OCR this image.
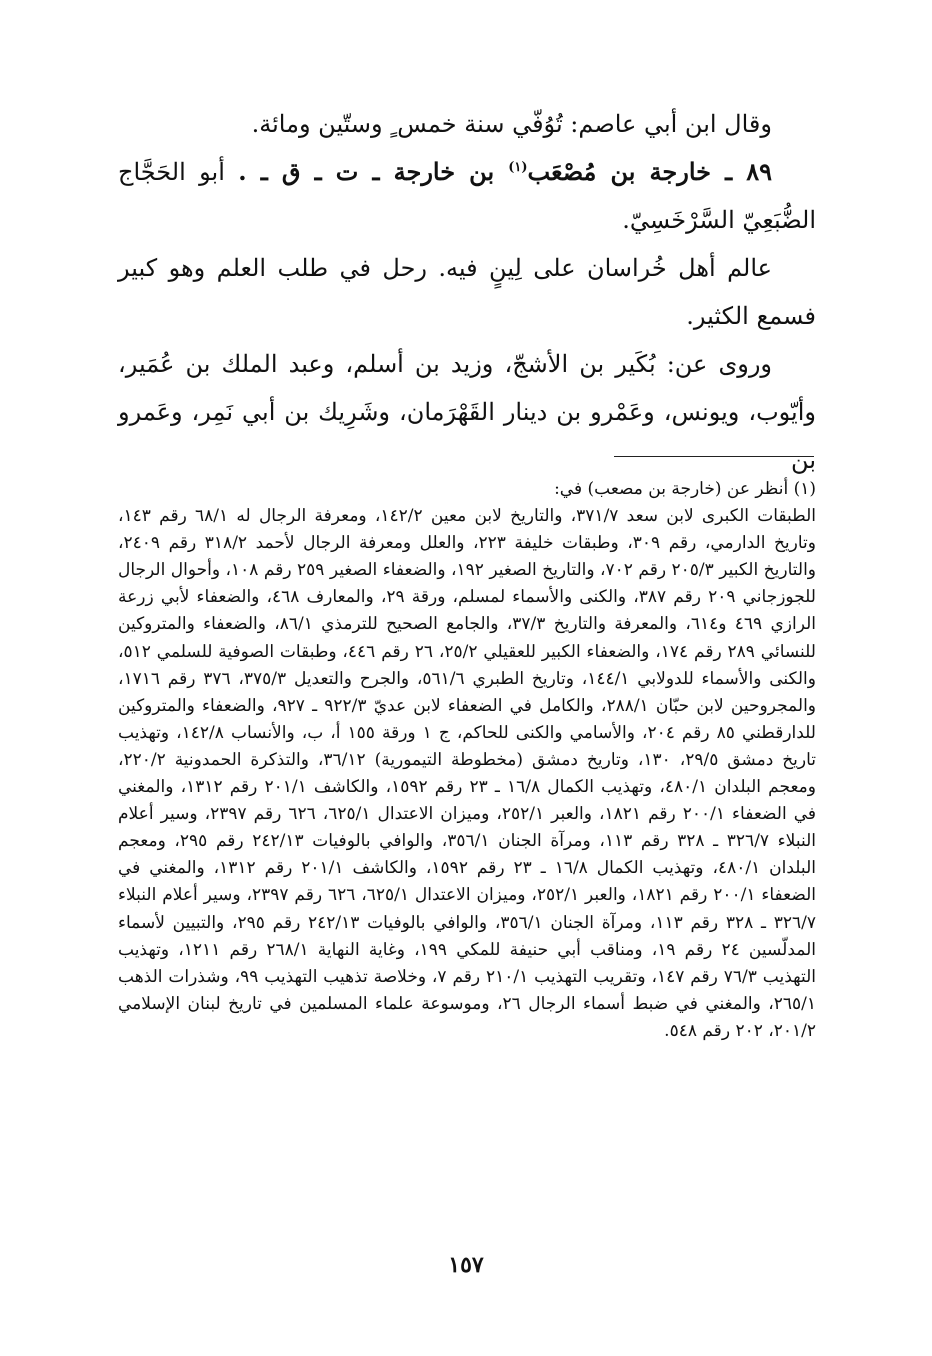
وقال ابن أبي عاصم: تُوُفّي سنة خمس ٍ وستّين ومائة.

٨٩ ـ خارجة بن مُصْعَب$^{(١)}$ بن خارجة ـ ت ـ ق ـ . أبو الحَجَّاج الضُّبَعِيّ السَّرْخَسِيّ.

عالم أهل خُراسان على لِينٍ فيه. رحل في طلب العلم وهو كبير فسمع الكثير.

وروى عن: بُكَير بن الأشجّ، وزيد بن أسلم، وعبد الملك بن عُمَير، وأيّوب، ويونس، وعَمْرو بن دينار القَهْرَمان، وشَرِيك بن أبي نَمِر، وعَمرو بن

(١) أنظر عن (خارجة بن مصعب) في:

الطبقات الكبرى لابن سعد ٣٧١/٧، والتاريخ لابن معين ١٤٢/٢، ومعرفة الرجال له ٦٨/١ رقم ١٤٣، وتاريخ الدارمي، رقم ٣٠٩، وطبقات خليفة ٢٢٣، والعلل ومعرفة الرجال لأحمد ٣١٨/٢ رقم ٢٤٠٩، والتاريخ الكبير ٢٠٥/٣ رقم ٧٠٢، والتاريخ الصغير ١٩٢، والضعفاء الصغير ٢٥٩ رقم ١٠٨، وأحوال الرجال للجوزجاني ٢٠٩ رقم ٣٨٧، والكنى والأسماء لمسلم، ورقة ٢٩، والمعارف ٤٦٨، والضعفاء لأبي زرعة الرازي ٤٦٩ و٦١٤، والمعرفة والتاريخ ٣٧/٣، والجامع الصحيح للترمذي ٨٦/١، والضعفاء والمتروكين للنسائي ٢٨٩ رقم ١٧٤، والضعفاء الكبير للعقيلي ٢٥/٢، ٢٦ رقم ٤٤٦، وطبقات الصوفية للسلمي ٥١٢، والكنى والأسماء للدولابي ١٤٤/١، وتاريخ الطبري ٥٦١/٦، والجرح والتعديل ٣٧٥/٣، ٣٧٦ رقم ١٧١٦، والمجروحين لابن حبّان ٢٨٨/١، والكامل في الضعفاء لابن عديّ ٩٢٢/٣ ـ ٩٢٧، والضعفاء والمتروكين للدارقطني ٨٥ رقم ٢٠٤، والأسامي والكنى للحاكم، ج ١ ورقة ١٥٥ أ، ب، والأنساب ١٤٢/٨، وتهذيب تاريخ دمشق ٢٩/٥، ١٣٠، وتاريخ دمشق (مخطوطة التيمورية) ٣٦/١٢، والتذكرة الحمدونية ٢٢٠/٢، ومعجم البلدان ٤٨٠/١، وتهذيب الكمال ١٦/٨ ـ ٢٣ رقم ١٥٩٢، والكاشف ٢٠١/١ رقم ١٣١٢، والمغني في الضعفاء ٢٠٠/١ رقم ١٨٢١، والعبر ٢٥٢/١، وميزان الاعتدال ٦٢٥/١، ٦٢٦ رقم ٢٣٩٧، وسير أعلام النبلاء ٣٢٦/٧ ـ ٣٢٨ رقم ١١٣، ومرآة الجنان ٣٥٦/١، والوافي بالوفيات ٢٤٢/١٣ رقم ٢٩٥، ومعجم البلدان ٤٨٠/١، وتهذيب الكمال ١٦/٨ ـ ٢٣ رقم ١٥٩٢، والكاشف ٢٠١/١ رقم ١٣١٢، والمغني في الضعفاء ٢٠٠/١ رقم ١٨٢١، والعبر ٢٥٢/١، وميزان الاعتدال ٦٢٥/١، ٦٢٦ رقم ٢٣٩٧، وسير أعلام النبلاء ٣٢٦/٧ ـ ٣٢٨ رقم ١١٣، ومرآة الجنان ٣٥٦/١، والوافي بالوفيات ٢٤٢/١٣ رقم ٢٩٥، والتبيين لأسماء المدلّسين ٢٤ رقم ١٩، ومناقب أبي حنيفة للمكي ١٩٩، وغاية النهاية ٢٦٨/١ رقم ١٢١١، وتهذيب التهذيب ٧٦/٣ رقم ١٤٧، وتقريب التهذيب ٢١٠/١ رقم ٧، وخلاصة تذهيب التهذيب ٩٩، وشذرات الذهب ٢٦٥/١، والمغني في ضبط أسماء الرجال ٢٦، وموسوعة علماء المسلمين في تاريخ لبنان الإسلامي ٢٠١/٢، ٢٠٢ رقم ٥٤٨.

١٥٧
